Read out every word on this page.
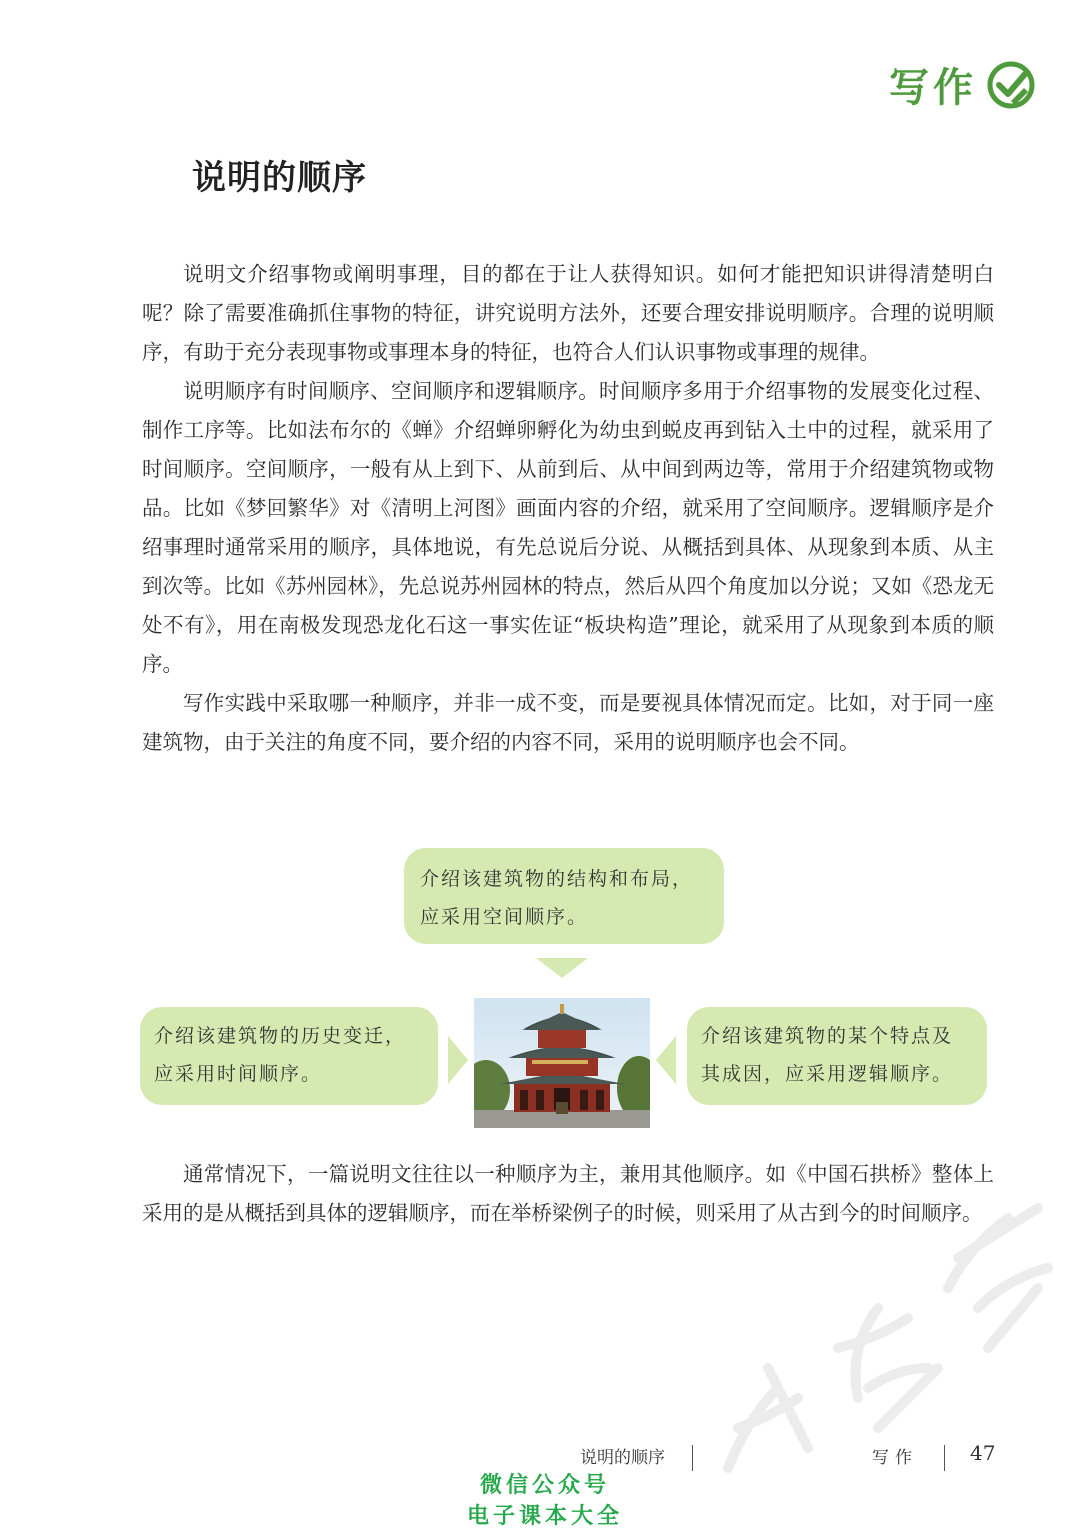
写作
说明的顺序

说明文介绍事物或阐明事理，目的都在于让人获得知识。如何才能把知识讲得清楚明白呢？除了需要准确抓住事物的特征，讲究说明方法外，还要合理安排说明顺序。合理的说明顺序，有助于充分表现事物或事理本身的特征，也符合人们认识事物或事理的规律。

说明顺序有时间顺序、空间顺序和逻辑顺序。时间顺序多用于介绍事物的发展变化过程、制作工序等。比如法布尔的《蝉》介绍蝉卵孵化为幼虫到蜕皮再到钻入土中的过程，就采用了时间顺序。空间顺序，一般有从上到下、从前到后、从中间到两边等，常用于介绍建筑物或物品。比如《梦回繁华》对《清明上河图》画面内容的介绍，就采用了空间顺序。逻辑顺序是介绍事理时通常采用的顺序，具体地说，有先总说后分说、从概括到具体、从现象到本质、从主到次等。比如《苏州园林》，先总说苏州园林的特点，然后从四个角度加以分说；又如《恐龙无处不有》，用在南极发现恐龙化石这一事实佐证“板块构造”理论，就采用了从现象到本质的顺序。

写作实践中采取哪一种顺序，并非一成不变，而是要视具体情况而定。比如，对于同一座建筑物，由于关注的角度不同，要介绍的内容不同，采用的说明顺序也会不同。

介绍该建筑物的结构和布局，
应采用空间顺序。
介绍该建筑物的历史变迁，
应采用时间顺序。
介绍该建筑物的某个特点及
其成因，应采用逻辑顺序。

通常情况下，一篇说明文往往以一种顺序为主，兼用其他顺序。如《中国石拱桥》整体上采用的是从概括到具体的逻辑顺序，而在举桥梁例子的时候，则采用了从古到今的时间顺序。

说明的顺序	写作	47
微信公众号
电子课本大全
